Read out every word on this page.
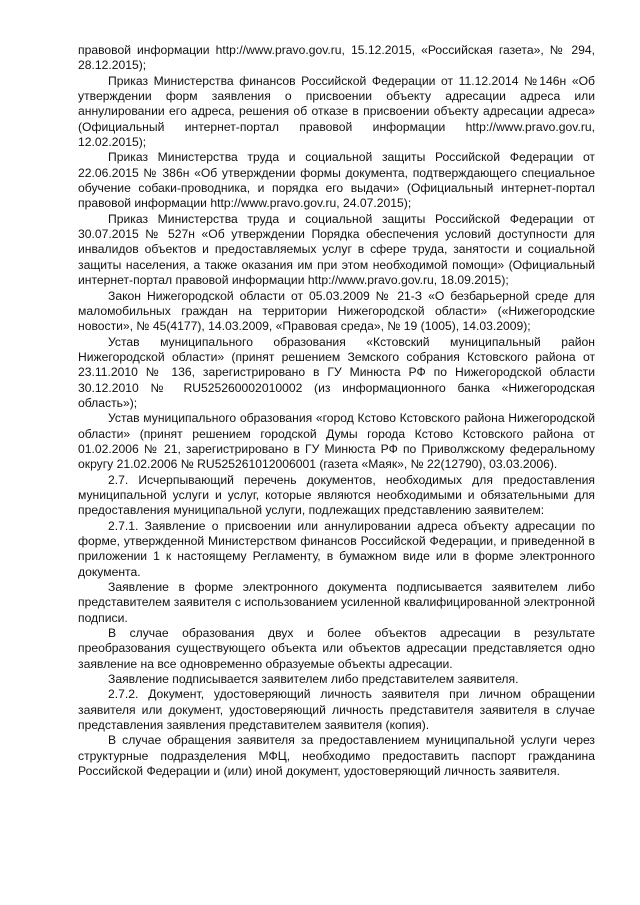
правовой информации http://www.pravo.gov.ru, 15.12.2015, «Российская газета», № 294, 28.12.2015);

Приказ Министерства финансов Российской Федерации от 11.12.2014 №146н «Об утверждении форм заявления о присвоении объекту адресации адреса или аннулировании его адреса, решения об отказе в присвоении объекту адресации адреса» (Официальный интернет-портал правовой информации http://www.pravo.gov.ru, 12.02.2015);

Приказ Министерства труда и социальной защиты Российской Федерации от 22.06.2015 № 386н «Об утверждении формы документа, подтверждающего специальное обучение собаки-проводника, и порядка его выдачи» (Официальный интернет-портал правовой информации http://www.pravo.gov.ru, 24.07.2015);

Приказ Министерства труда и социальной защиты Российской Федерации от 30.07.2015 № 527н «Об утверждении Порядка обеспечения условий доступности для инвалидов объектов и предоставляемых услуг в сфере труда, занятости и социальной защиты населения, а также оказания им при этом необходимой помощи» (Официальный интернет-портал правовой информации http://www.pravo.gov.ru, 18.09.2015);

Закон Нижегородской области от 05.03.2009 № 21-З «О безбарьерной среде для маломобильных граждан на территории Нижегородской области» («Нижегородские новости», № 45(4177), 14.03.2009, «Правовая среда», № 19 (1005), 14.03.2009);

Устав муниципального образования «Кстовский муниципальный район Нижегородской области» (принят решением Земского собрания Кстовского района от 23.11.2010 № 136, зарегистрировано в ГУ Минюста РФ по Нижегородской области 30.12.2010 № RU525260002010002 (из информационного банка «Нижегородская область»);

Устав муниципального образования «город Кстово Кстовского района Нижегородской области» (принят решением городской Думы города Кстово Кстовского района от 01.02.2006 № 21, зарегистрировано в ГУ Минюста РФ по Приволжскому федеральному округу 21.02.2006 № RU525261012006001 (газета «Маяк», № 22(12790), 03.03.2006).

2.7. Исчерпывающий перечень документов, необходимых для предоставления муниципальной услуги и услуг, которые являются необходимыми и обязательными для предоставления муниципальной услуги, подлежащих представлению заявителем:

2.7.1. Заявление о присвоении или аннулировании адреса объекту адресации по форме, утвержденной Министерством финансов Российской Федерации, и приведенной в приложении 1 к настоящему Регламенту, в бумажном виде или в форме электронного документа.

Заявление в форме электронного документа подписывается заявителем либо представителем заявителя с использованием усиленной квалифицированной электронной подписи.

В случае образования двух и более объектов адресации в результате преобразования существующего объекта или объектов адресации представляется одно заявление на все одновременно образуемые объекты адресации.

Заявление подписывается заявителем либо представителем заявителя.

2.7.2. Документ, удостоверяющий личность заявителя при личном обращении заявителя или документ, удостоверяющий личность представителя заявителя в случае представления заявления представителем заявителя (копия).

В случае обращения заявителя за предоставлением муниципальной услуги через структурные подразделения МФЦ, необходимо предоставить паспорт гражданина Российской Федерации и (или) иной документ, удостоверяющий личность заявителя.
